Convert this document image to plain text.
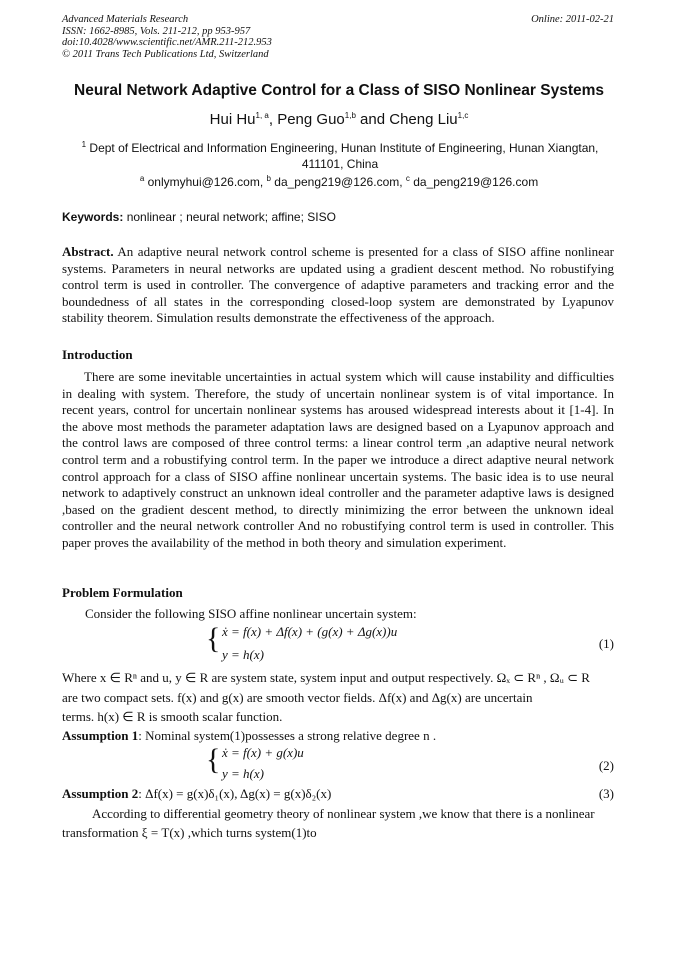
Advanced Materials Research
ISSN: 1662-8985, Vols. 211-212, pp 953-957
doi:10.4028/www.scientific.net/AMR.211-212.953
© 2011 Trans Tech Publications Ltd, Switzerland
Online: 2011-02-21
Neural Network Adaptive Control for a Class of SISO Nonlinear Systems
Hui Hu$^{1, a}$, Peng Guo$^{1,b}$ and Cheng Liu$^{1,c}$
$^1$ Dept of Electrical and Information Engineering, Hunan Institute of Engineering, Hunan Xiangtan, 411101, China
$^a$ onlymyhui@126.com, $^b$ da_peng219@126.com, $^c$ da_peng219@126.com
Keywords: nonlinear ; neural network; affine; SISO
Abstract. An adaptive neural network control scheme is presented for a class of SISO affine nonlinear systems. Parameters in neural networks are updated using a gradient descent method. No robustifying control term is used in controller. The convergence of adaptive parameters and tracking error and the boundedness of all states in the corresponding closed-loop system are demonstrated by Lyapunov stability theorem. Simulation results demonstrate the effectiveness of the approach.
Introduction
There are some inevitable uncertainties in actual system which will cause instability and difficulties in dealing with system. Therefore, the study of uncertain nonlinear system is of vital importance. In recent years, control for uncertain nonlinear systems has aroused widespread interests about it [1-4]. In the above most methods the parameter adaptation laws are designed based on a Lyapunov approach and the control laws are composed of three control terms: a linear control term ,an adaptive neural network control term and a robustifying control term. In the paper we introduce a direct adaptive neural network control approach for a class of SISO affine nonlinear uncertain systems. The basic idea is to use neural network to adaptively construct an unknown ideal controller and the parameter adaptive laws is designed ,based on the gradient descent method, to directly minimizing the error between the unknown ideal controller and the neural network controller And no robustifying control term is used in controller. This paper proves the availability of the method in both theory and simulation experiment.
Problem Formulation
Consider the following SISO affine nonlinear uncertain system:
{ ẋ = f(x) + Δf(x) + (g(x) + Δg(x))u
y = h(x)
(1)
Where x ∈ Rⁿ and u, y ∈ R are system state, system input and output respectively. Ωₓ ⊂ Rⁿ , Ωᵤ ⊂ R
are two compact sets. f(x) and g(x) are smooth vector fields. Δf(x) and Δg(x) are uncertain
terms. h(x) ∈ R is smooth scalar function.
Assumption 1: Nominal system(1)possesses a strong relative degree n .
{ ẋ = f(x) + g(x)u
y = h(x)
(2)
Assumption 2: Δf(x) = g(x)δ₁(x), Δg(x) = g(x)δ₂(x)	(3)
According to differential geometry theory of nonlinear system ,we know that there is a nonlinear
transformation ξ = T(x) ,which turns system(1)to
